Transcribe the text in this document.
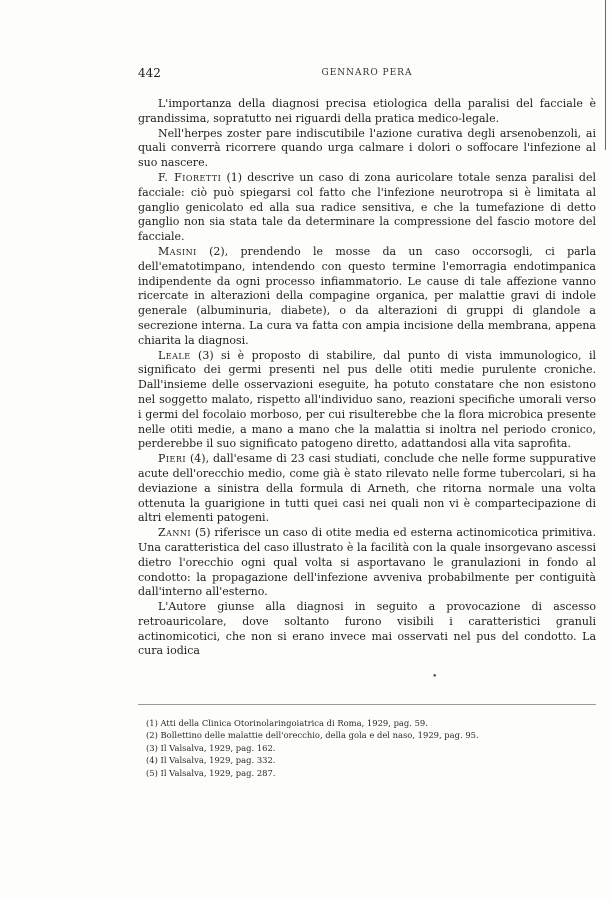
442	GENNARO PERA

L'importanza della diagnosi precisa etiologica della paralisi del facciale è grandissima, sopratutto nei riguardi della pratica medico-legale.

Nell'herpes zoster pare indiscutibile l'azione curativa degli arsenobenzoli, ai quali converrà ricorrere quando urga calmare i dolori o soffocare l'infezione al suo nascere.

F. Fioretti (1) descrive un caso di zona auricolare totale senza paralisi del facciale: ciò può spiegarsi col fatto che l'infezione neurotropa si è limitata al ganglio genicolato ed alla sua radice sensitiva, e che la tumefazione di detto ganglio non sia stata tale da determinare la compressione del fascio motore del facciale.

Masini (2), prendendo le mosse da un caso occorsogli, ci parla dell'ematotimpano, intendendo con questo termine l'emorragia endotimpanica indipendente da ogni processo infiammatorio. Le cause di tale affezione vanno ricercate in alterazioni della compagine organica, per malattie gravi di indole generale (albuminuria, diabete), o da alterazioni di gruppi di glandole a secrezione interna. La cura va fatta con ampia incisione della membrana, appena chiarita la diagnosi.

Leale (3) si è proposto di stabilire, dal punto di vista immunologico, il significato dei germi presenti nel pus delle otiti medie purulente croniche. Dall'insieme delle osservazioni eseguite, ha potuto constatare che non esistono nel soggetto malato, rispetto all'individuo sano, reazioni specifiche umorali verso i germi del focolaio morboso, per cui risulterebbe che la flora microbica presente nelle otiti medie, a mano a mano che la malattia si inoltra nel periodo cronico, perderebbe il suo significato patogeno diretto, adattandosi alla vita saprofita.

Pieri (4), dall'esame di 23 casi studiati, conclude che nelle forme suppurative acute dell'orecchio medio, come già è stato rilevato nelle forme tubercolari, si ha deviazione a sinistra della formula di Arneth, che ritorna normale una volta ottenuta la guarigione in tutti quei casi nei quali non vi è compartecipazione di altri elementi patogeni.

Zanni (5) riferisce un caso di otite media ed esterna actinomicotica primitiva. Una caratteristica del caso illustrato è la facilità con la quale insorgevano ascessi dietro l'orecchio ogni qual volta si asportavano le granulazioni in fondo al condotto: la propagazione dell'infezione avveniva probabilmente per contiguità dall'interno all'esterno.

L'Autore giunse alla diagnosi in seguito a provocazione di ascesso retroauricolare, dove soltanto furono visibili i caratteristici granuli actinomicotici, che non si erano invece mai osservati nel pus del condotto. La cura iodica

•
(1) Atti della Clinica Otorinolaringoiatrica di Roma, 1929, pag. 59.
(2) Bollettino delle malattie dell'orecchio, della gola e del naso, 1929, pag. 95.
(3) Il Valsalva, 1929, pag. 162.
(4) Il Valsalva, 1929, pag. 332.
(5) Il Valsalva, 1929, pag. 287.
